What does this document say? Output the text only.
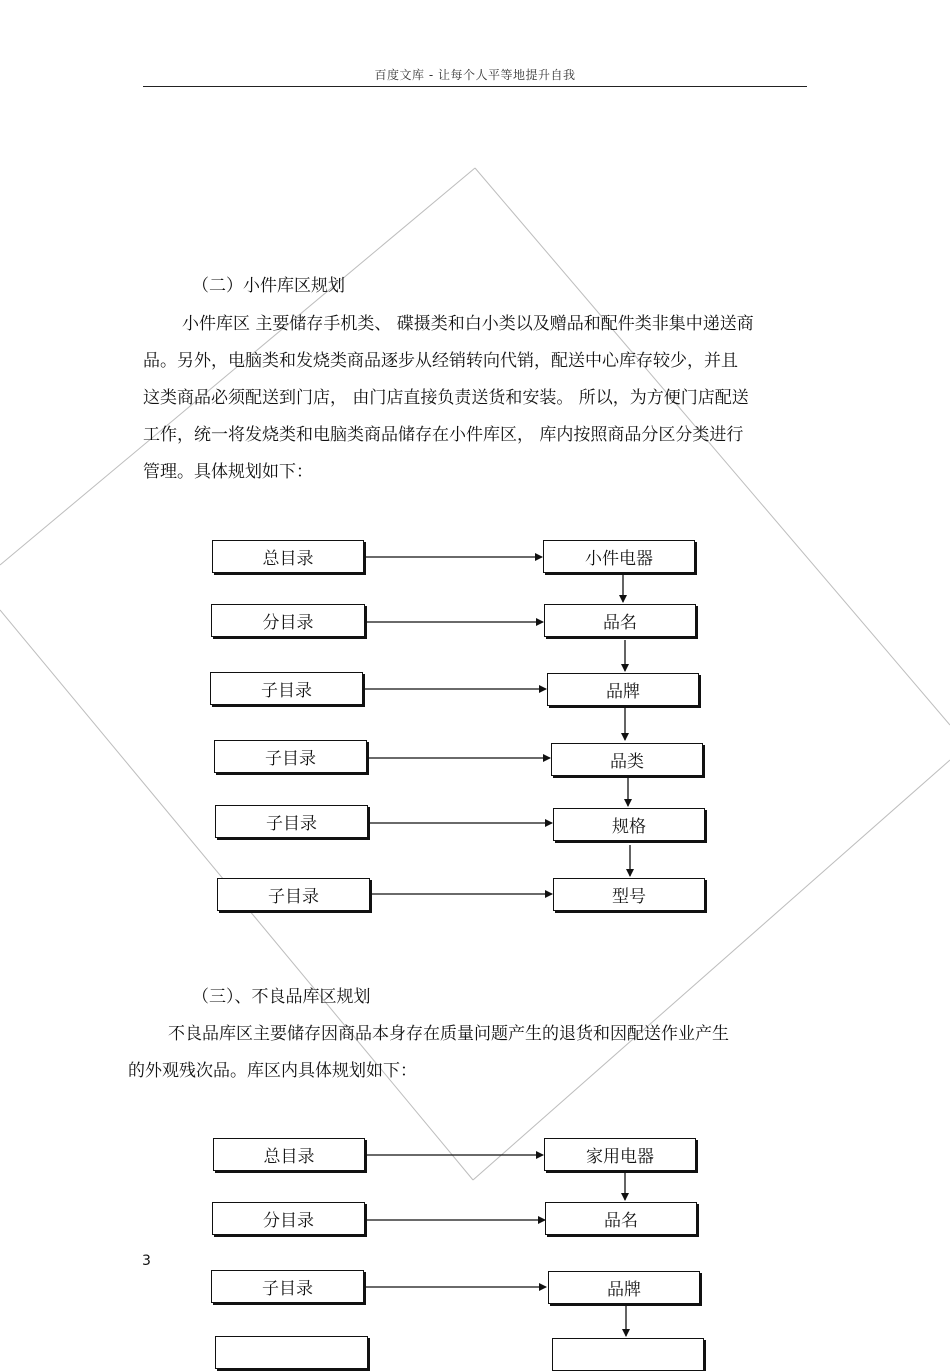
百度文库 - 让每个人平等地提升自我
（二）小件库区规划
小件库区 主要储存手机类、 碟摄类和白小类以及赠品和配件类非集中递送商
品。另外，电脑类和发烧类商品逐步从经销转向代销，配送中心库存较少，并且
这类商品必须配送到门店， 由门店直接负责送货和安装。 所以，为方便门店配送
工作，统一将发烧类和电脑类商品储存在小件库区， 库内按照商品分区分类进行
管理。具体规划如下：
总目录
分目录
子目录
子目录
子目录
子目录
小件电器
品名
品牌
品类
规格
型号
（三）、不良品库区规划
不良品库区主要储存因商品本身存在质量问题产生的退货和因配送作业产生
的外观残次品。库区内具体规划如下：
总目录
分目录
子目录
家用电器
品名
品牌
3
